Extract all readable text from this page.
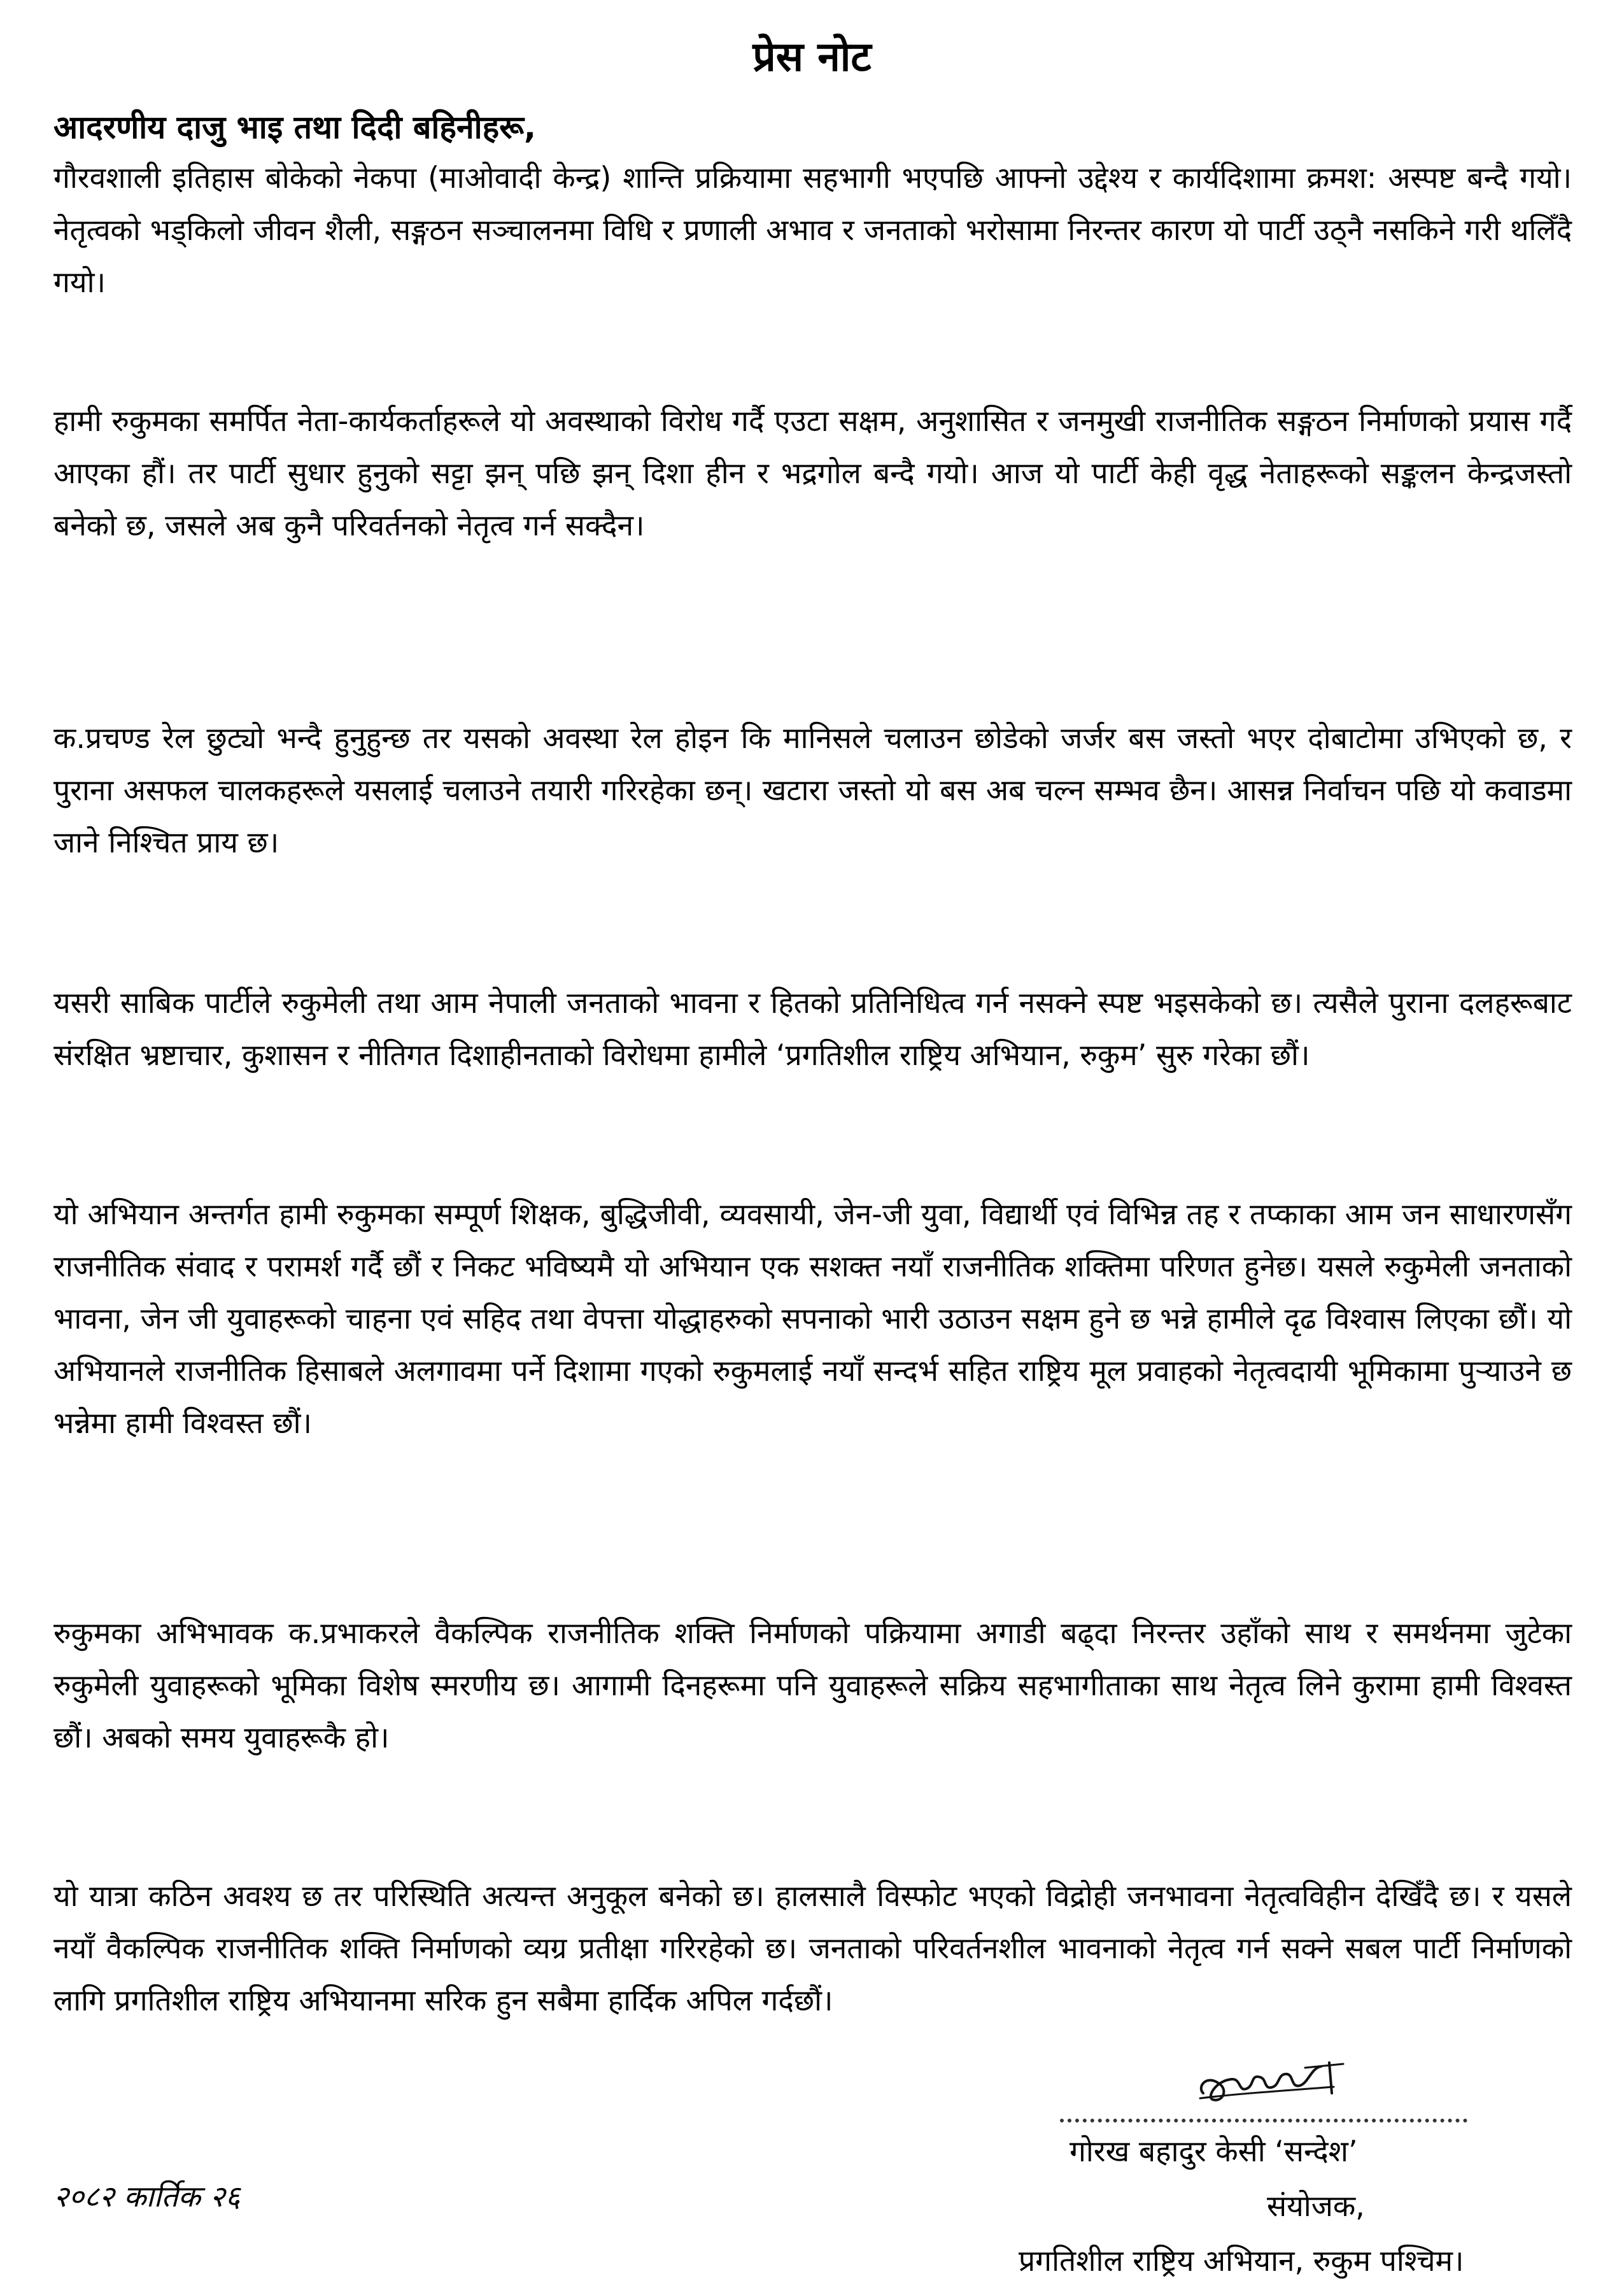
प्रेस नोट
आदरणीय दाजु भाइ तथा दिदी बहिनीहरू,

गौरवशाली इतिहास बोकेको नेकपा (माओवादी केन्द्र) शान्ति प्रक्रियामा सहभागी भएपछि आफ्नो उद्देश्य र कार्यदिशामा क्रमश: अस्पष्ट बन्दै गयो। नेतृत्वको भड्किलो जीवन शैली, सङ्गठन सञ्चालनमा विधि र प्रणाली अभाव र जनताको भरोसामा निरन्तर कारण यो पार्टी उठ्नै नसकिने गरी थलिँदै गयो।

हामी रुकुमका समर्पित नेता-कार्यकर्ताहरूले यो अवस्थाको विरोध गर्दै एउटा सक्षम, अनुशासित र जनमुखी राजनीतिक सङ्गठन निर्माणको प्रयास गर्दै आएका हौं। तर पार्टी सुधार हुनुको सट्टा झन् पछि झन् दिशा हीन र भद्रगोल बन्दै गयो। आज यो पार्टी केही वृद्ध नेताहरूको सङ्कलन केन्द्रजस्तो बनेको छ, जसले अब कुनै परिवर्तनको नेतृत्व गर्न सक्दैन।

क.प्रचण्ड रेल छुट्यो भन्दै हुनुहुन्छ तर यसको अवस्था रेल होइन कि मानिसले चलाउन छोडेको जर्जर बस जस्तो भएर दोबाटोमा उभिएको छ, र पुराना असफल चालकहरूले यसलाई चलाउने तयारी गरिरहेका छन्। खटारा जस्तो यो बस अब चल्न सम्भव छैन। आसन्न निर्वाचन पछि यो कवाडमा जाने निश्चित प्राय छ।

यसरी साबिक पार्टीले रुकुमेली तथा आम नेपाली जनताको भावना र हितको प्रतिनिधित्व गर्न नसक्ने स्पष्ट भइसकेको छ। त्यसैले पुराना दलहरूबाट संरक्षित भ्रष्टाचार, कुशासन र नीतिगत दिशाहीनताको विरोधमा हामीले ‘प्रगतिशील राष्ट्रिय अभियान, रुकुम’ सुरु गरेका छौं।

यो अभियान अन्तर्गत हामी रुकुमका सम्पूर्ण शिक्षक, बुद्धिजीवी, व्यवसायी, जेन-जी युवा, विद्यार्थी एवं विभिन्न तह र तप्काका आम जन साधारणसँग राजनीतिक संवाद र परामर्श गर्दै छौं र निकट भविष्यमै यो अभियान एक सशक्त नयाँ राजनीतिक शक्तिमा परिणत हुनेछ। यसले रुकुमेली जनताको भावना, जेन जी युवाहरूको चाहना एवं सहिद तथा वेपत्ता योद्धाहरुको सपनाको भारी उठाउन सक्षम हुने छ भन्ने हामीले दृढ विश्वास लिएका छौं। यो अभियानले राजनीतिक हिसाबले अलगावमा पर्ने दिशामा गएको रुकुमलाई नयाँ सन्दर्भ सहित राष्ट्रिय मूल प्रवाहको नेतृत्वदायी भूमिकामा पुर्‍याउने छ भन्नेमा हामी विश्वस्त छौं।

रुकुमका अभिभावक क.प्रभाकरले वैकल्पिक राजनीतिक शक्ति निर्माणको पक्रियामा अगाडी बढ्दा निरन्तर उहाँको साथ र समर्थनमा जुटेका रुकुमेली युवाहरूको भूमिका विशेष स्मरणीय छ। आगामी दिनहरूमा पनि युवाहरूले सक्रिय सहभागीताका साथ नेतृत्व लिने कुरामा हामी विश्वस्त छौं। अबको समय युवाहरूकै हो।

यो यात्रा कठिन अवश्य छ तर परिस्थिति अत्यन्त अनुकूल बनेको छ। हालसालै विस्फोट भएको विद्रोही जनभावना नेतृत्वविहीन देखिँदै छ। र यसले नयाँ वैकल्पिक राजनीतिक शक्ति निर्माणको व्यग्र प्रतीक्षा गरिरहेको छ। जनताको परिवर्तनशील भावनाको नेतृत्व गर्न सक्ने सबल पार्टी निर्माणको लागि प्रगतिशील राष्ट्रिय अभियानमा सरिक हुन सबैमा हार्दिक अपिल गर्दछौं।

गोरख बहादुर केसी ‘सन्देश’
संयोजक,
प्रगतिशील राष्ट्रिय अभियान, रुकुम पश्चिम।
२०८२ कार्तिक २६
